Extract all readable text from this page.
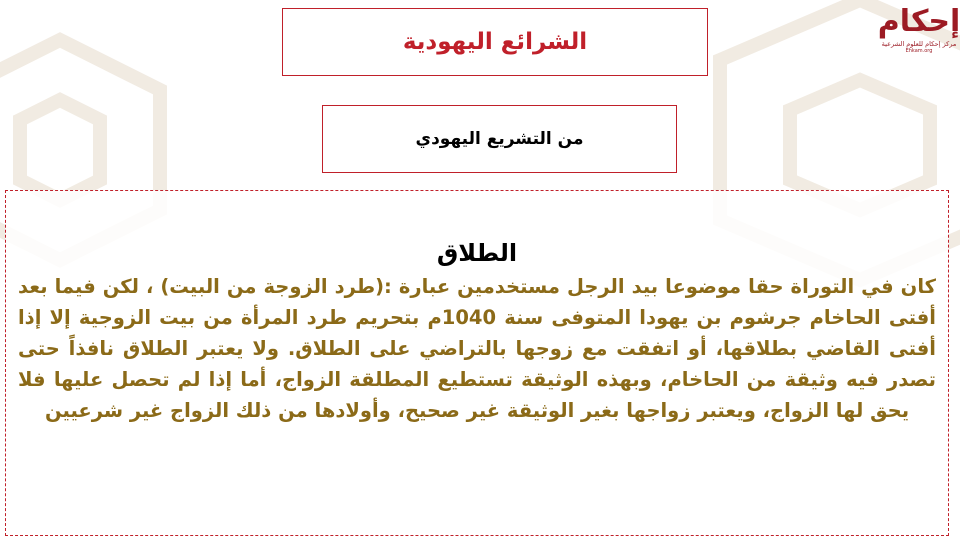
إحكام
مركز إحكام للعلوم الشرعية
Ehkam.org
الشرائع اليهودية
من التشريع اليهودي
الطلاق
كان في التوراة حقا موضوعا بيد الرجل مستخدمين عبارة :(طرد الزوجة من البيت) ، لكن فيما بعد أفتى الحاخام جرشوم بن يهودا المتوفى سنة 1040م بتحريم طرد المرأة من بيت الزوجية إلا إذا أفتى القاضي بطلاقها، أو اتفقت مع زوجها بالتراضي على الطلاق. ولا يعتبر الطلاق نافذاً حتى تصدر فيه وثيقة من الحاخام، وبهذه الوثيقة تستطيع المطلقة الزواج، أما إذا لم تحصل عليها فلا يحق لها الزواج، ويعتبر زواجها بغير الوثيقة غير صحيح، وأولادها من ذلك الزواج غير شرعيين
